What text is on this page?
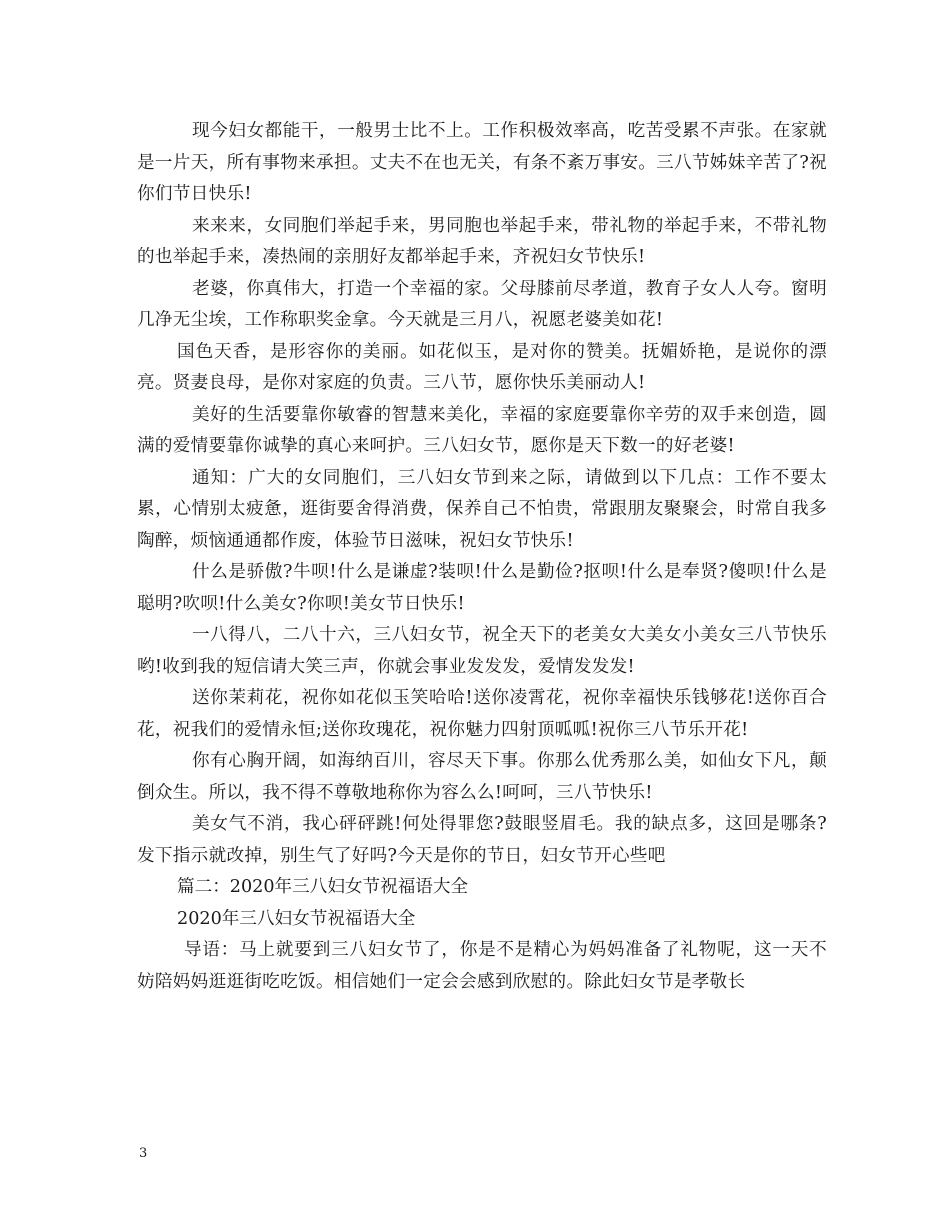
现今妇女都能干，一般男士比不上。工作积极效率高，吃苦受累不声张。在家就是一片天，所有事物来承担。丈夫不在也无关，有条不紊万事安。三八节姊妹辛苦了?祝你们节日快乐!

来来来，女同胞们举起手来，男同胞也举起手来，带礼物的举起手来，不带礼物的也举起手来，凑热闹的亲朋好友都举起手来，齐祝妇女节快乐!

老婆，你真伟大，打造一个幸福的家。父母膝前尽孝道，教育子女人人夸。窗明几净无尘埃，工作称职奖金拿。今天就是三月八，祝愿老婆美如花!

国色天香，是形容你的美丽。如花似玉，是对你的赞美。抚媚娇艳，是说你的漂亮。贤妻良母，是你对家庭的负责。三八节，愿你快乐美丽动人!

美好的生活要靠你敏睿的智慧来美化，幸福的家庭要靠你辛劳的双手来创造，圆满的爱情要靠你诚挚的真心来呵护。三八妇女节，愿你是天下数一的好老婆!

通知：广大的女同胞们，三八妇女节到来之际，请做到以下几点：工作不要太累，心情别太疲惫，逛街要舍得消费，保养自己不怕贵，常跟朋友聚聚会，时常自我多陶醉，烦恼通通都作废，体验节日滋味，祝妇女节快乐!

什么是骄傲?牛呗!什么是谦虚?装呗!什么是勤俭?抠呗!什么是奉贤?傻呗!什么是聪明?吹呗!什么美女?你呗!美女节日快乐!

一八得八，二八十六，三八妇女节，祝全天下的老美女大美女小美女三八节快乐哟!收到我的短信请大笑三声，你就会事业发发发，爱情发发发!

送你茉莉花，祝你如花似玉笑哈哈!送你凌霄花，祝你幸福快乐钱够花!送你百合花，祝我们的爱情永恒;送你玫瑰花，祝你魅力四射顶呱呱!祝你三八节乐开花!

你有心胸开阔，如海纳百川，容尽天下事。你那么优秀那么美，如仙女下凡，颠倒众生。所以，我不得不尊敬地称你为容么么!呵呵，三八节快乐!

美女气不消，我心砰砰跳!何处得罪您?鼓眼竖眉毛。我的缺点多，这回是哪条?发下指示就改掉，别生气了好吗?今天是你的节日，妇女节开心些吧

篇二：2020年三八妇女节祝福语大全

2020年三八妇女节祝福语大全

导语：马上就要到三八妇女节了，你是不是精心为妈妈准备了礼物呢，这一天不妨陪妈妈逛逛街吃吃饭。相信她们一定会会感到欣慰的。除此妇女节是孝敬长

3
